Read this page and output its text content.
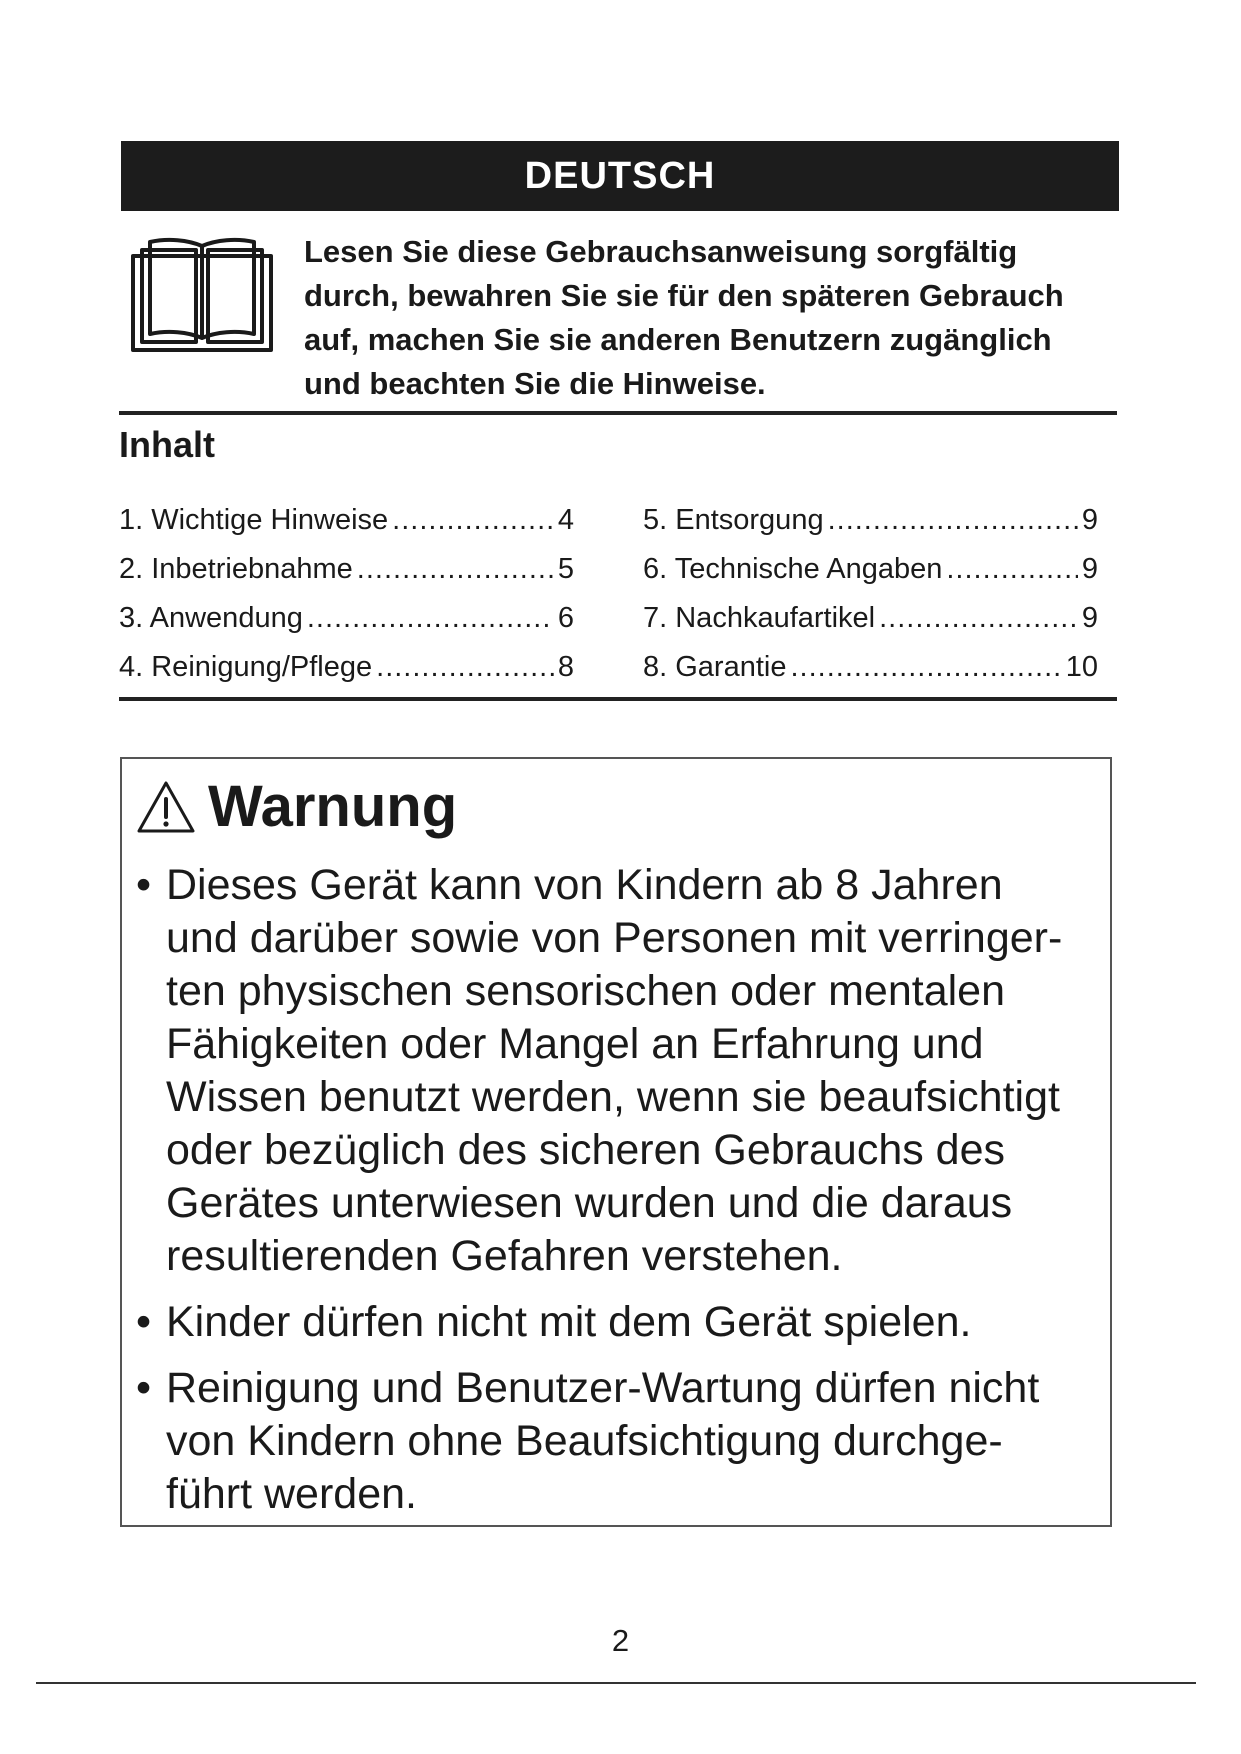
DEUTSCH
Lesen Sie diese Gebrauchsanweisung sorgfältig
durch, bewahren Sie sie für den späteren Gebrauch
auf, machen Sie sie anderen Benutzern zugänglich
und beachten Sie die Hinweise.
Inhalt
1. Wichtige Hinweise .....	4
2. Inbetriebnahme .....	5
3. Anwendung .....	6
4. Reinigung/Pflege .....	8
5. Entsorgung .....	9
6. Technische Angaben .....	9
7. Nachkaufartikel .....	9
8. Garantie .....	10
Warnung
• Dieses Gerät kann von Kindern ab 8 Jahren
und darüber sowie von Personen mit verringer-
ten physischen sensorischen oder mentalen
Fähigkeiten oder Mangel an Erfahrung und
Wissen benutzt werden, wenn sie beaufsichtigt
oder bezüglich des sicheren Gebrauchs des
Gerätes unterwiesen wurden und die daraus
resultierenden Gefahren verstehen.
• Kinder dürfen nicht mit dem Gerät spielen.
• Reinigung und Benutzer-Wartung dürfen nicht
von Kindern ohne Beaufsichtigung durchge-
führt werden.
2
